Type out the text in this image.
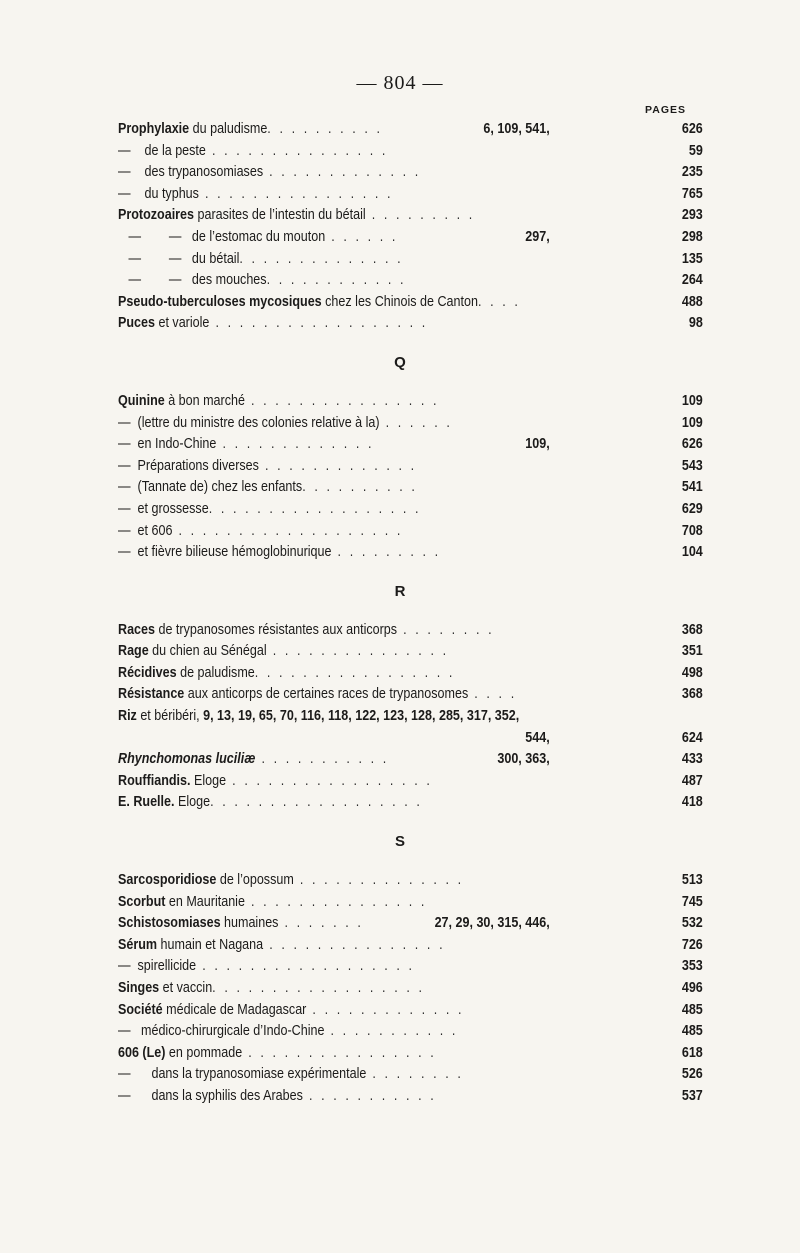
— 804 —
PAGES
Prophylaxie du paludisme. . . . . . . . . .	6, 109, 541,	626
—    de la peste . . . . . . . . . . . . . . .	59
—    des trypanosomiases . . . . . . . . . . . . .	235
—    du typhus . . . . . . . . . . . . . . . .	765
Protozoaires parasites de l’intestin du bétail . . . . . . . . .	293
—        —   de l’estomac du mouton . . . . . .	297,	298
—        —   du bétail. . . . . . . . . . . . . .	135
—        —   des mouches. . . . . . . . . . . .	264
Pseudo-tuberculoses mycosiques chez les Chinois de Canton. . . .	488
Puces et variole . . . . . . . . . . . . . . . . . .	98
Q
Quinine à bon marché . . . . . . . . . . . . . . . .	109
—  (lettre du ministre des colonies relative à la) . . . . . .	109
—  en Indo-Chine . . . . . . . . . . . . .	109,	626
—  Préparations diverses . . . . . . . . . . . . .	543
—  (Tannate de) chez les enfants. . . . . . . . . .	541
—  et grossesse. . . . . . . . . . . . . . . . . .	629
—  et 606 . . . . . . . . . . . . . . . . . . .	708
—  et fièvre bilieuse hémoglobinurique . . . . . . . . .	104
R
Races de trypanosomes résistantes aux anticorps . . . . . . . .	368
Rage du chien au Sénégal . . . . . . . . . . . . . . .	351
Récidives de paludisme. . . . . . . . . . . . . . . . .	498
Résistance aux anticorps de certaines races de trypanosomes . . . .	368
Riz et béribéri, 9, 13, 19, 65, 70, 116, 118, 122, 123, 128, 285, 317, 352,
544,	624
Rhynchomonas luciliæ . . . . . . . . . . .	300, 363,	433
Rouffiandis. Eloge . . . . . . . . . . . . . . . . .	487
E. Ruelle. Eloge. . . . . . . . . . . . . . . . . .	418
S
Sarcosporidiose de l’opossum . . . . . . . . . . . . . .	513
Scorbut en Mauritanie . . . . . . . . . . . . . . .	745
Schistosomiases humaines . . . . . . .	27, 29, 30, 315, 446,	532
Sérum humain et Nagana . . . . . . . . . . . . . . .	726
—  spirellicide . . . . . . . . . . . . . . . . . .	353
Singes et vaccin. . . . . . . . . . . . . . . . . .	496
Société médicale de Madagascar . . . . . . . . . . . . .	485
—   médico-chirurgicale d’Indo-Chine . . . . . . . . . . .	485
606 (Le) en pommade . . . . . . . . . . . . . . . .	618
—      dans la trypanosomiase expérimentale . . . . . . . .	526
—      dans la syphilis des Arabes . . . . . . . . . . .	537
